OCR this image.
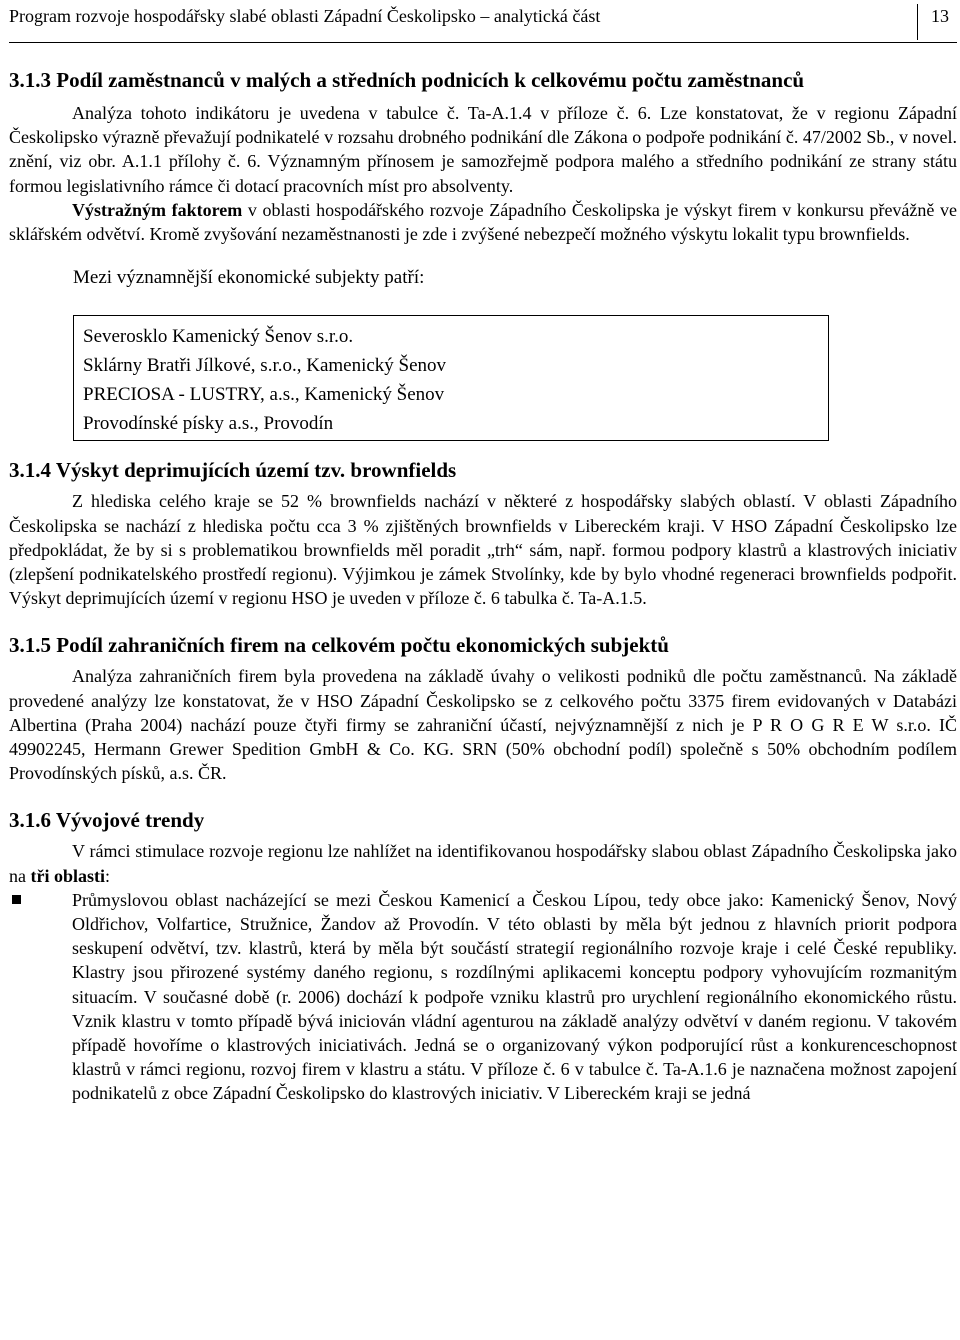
Program rozvoje hospodářsky slabé oblasti Západní Českolipsko – analytická část	13
3.1.3 Podíl zaměstnanců v malých a středních podnicích k celkovému počtu zaměstnanců

Analýza tohoto indikátoru je uvedena v tabulce č. Ta-A.1.4 v příloze č. 6. Lze konstatovat, že v regionu Západní Českolipsko výrazně převažují podnikatelé v rozsahu drobného podnikání dle Zákona o podpoře podnikání č. 47/2002 Sb., v novel. znění, viz obr. A.1.1 přílohy č. 6. Významným přínosem je samozřejmě podpora malého a středního podnikání ze strany státu formou legislativního rámce či dotací pracovních míst pro absolventy.

Výstražným faktorem v oblasti hospodářského rozvoje Západního Českolipska je výskyt firem v konkursu převážně ve sklářském odvětví. Kromě zvyšování nezaměstnanosti je zde i zvýšené nebezpečí možného výskytu lokalit typu brownfields.

Mezi významnější ekonomické subjekty patří:

Severosklo Kamenický Šenov s.r.o.
Sklárny Bratři Jílkové, s.r.o., Kamenický Šenov
PRECIOSA - LUSTRY, a.s., Kamenický Šenov
Provodínské písky a.s., Provodín
3.1.4 Výskyt deprimujících území tzv. brownfields

Z hlediska celého kraje se 52 % brownfields nachází v některé z hospodářsky slabých oblastí. V oblasti Západního Českolipska se nachází z hlediska počtu cca 3 % zjištěných brownfields v Libereckém kraji. V HSO Západní Českolipsko lze předpokládat, že by si s problematikou brownfields měl poradit „trh“ sám, např. formou podpory klastrů a klastrových iniciativ (zlepšení podnikatelského prostředí regionu). Výjimkou je zámek Stvolínky, kde by bylo vhodné regeneraci brownfields podpořit. Výskyt deprimujících území v regionu HSO je uveden v příloze č. 6 tabulka č. Ta-A.1.5.

3.1.5 Podíl zahraničních firem na celkovém počtu ekonomických subjektů

Analýza zahraničních firem byla provedena na základě úvahy o velikosti podniků dle počtu zaměstnanců. Na základě provedené analýzy lze konstatovat, že v HSO Západní Českolipsko se z celkového počtu 3375 firem evidovaných v Databázi Albertina (Praha 2004) nachází pouze čtyři firmy se zahraniční účastí, nejvýznamnější z nich je P R O G R E W s.r.o. IČ 49902245, Hermann Grewer Spedition GmbH & Co. KG. SRN (50% obchodní podíl) společně s 50% obchodním podílem Provodínských písků, a.s. ČR.

3.1.6 Vývojové trendy

V rámci stimulace rozvoje regionu lze nahlížet na identifikovanou hospodářsky slabou oblast Západního Českolipska jako na tři oblasti:

Průmyslovou oblast nacházející se mezi Českou Kamenicí a Českou Lípou, tedy obce jako: Kamenický Šenov, Nový Oldřichov, Volfartice, Stružnice, Žandov až Provodín. V této oblasti by měla být jednou z hlavních priorit podpora seskupení odvětví, tzv. klastrů, která by měla být součástí strategií regionálního rozvoje kraje i celé České republiky. Klastry jsou přirozené systémy daného regionu, s rozdílnými aplikacemi konceptu podpory vyhovujícím rozmanitým situacím. V současné době (r. 2006) dochází k podpoře vzniku klastrů pro urychlení regionálního ekonomického růstu. Vznik klastru v tomto případě bývá iniciován vládní agenturou na základě analýzy odvětví v daném regionu. V takovém případě hovoříme o klastrových iniciativách. Jedná se o organizovaný výkon podporující růst a konkurenceschopnost klastrů v rámci regionu, rozvoj firem v klastru a státu. V příloze č. 6 v tabulce č. Ta-A.1.6 je naznačena možnost zapojení podnikatelů z obce Západní Českolipsko do klastrových iniciativ. V Libereckém kraji se jedná
